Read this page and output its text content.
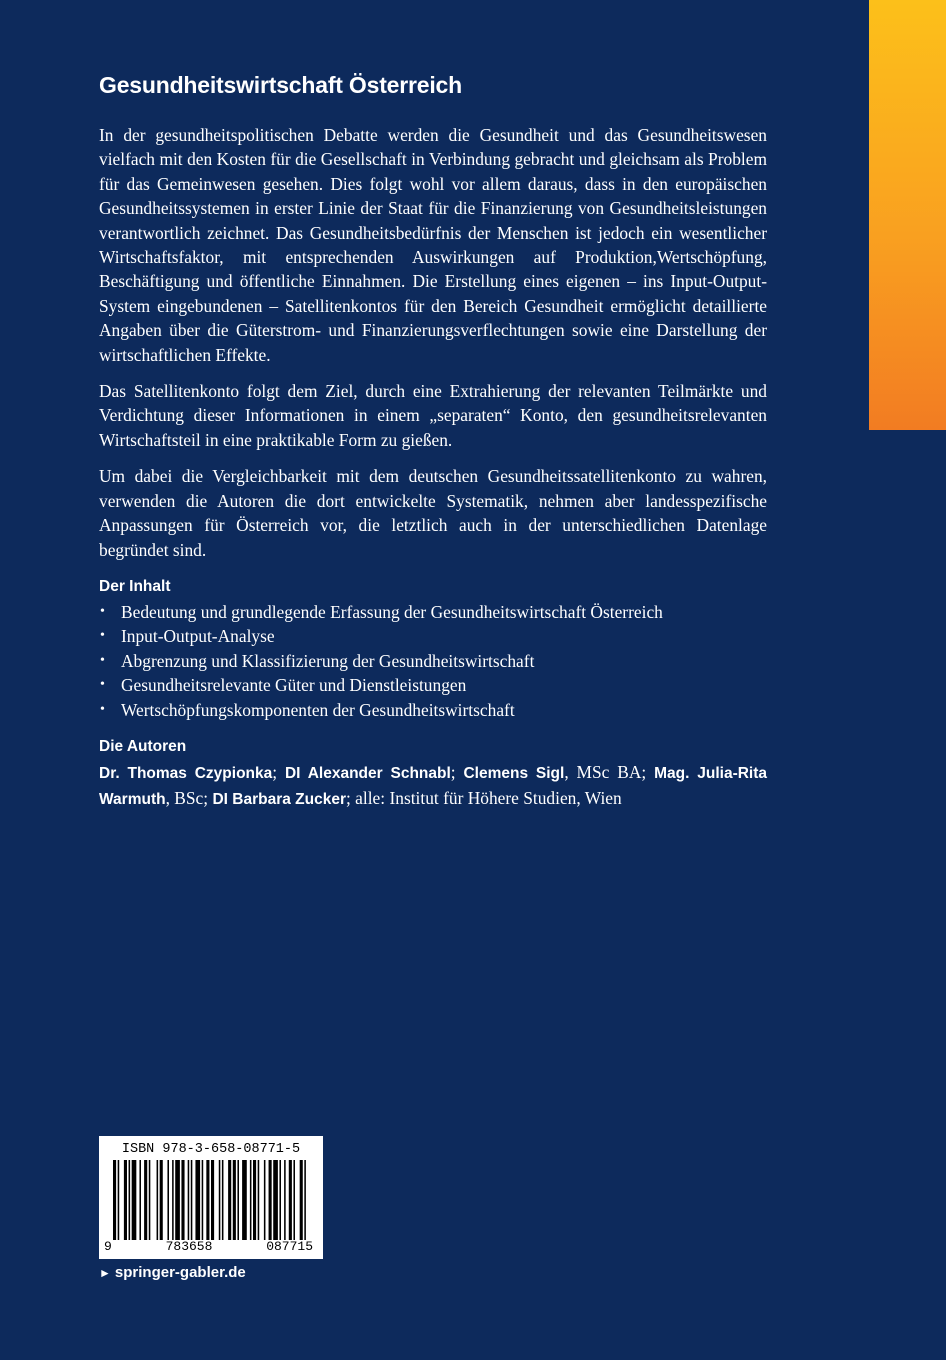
Gesundheitswirtschaft Österreich

In der gesundheitspolitischen Debatte werden die Gesundheit und das Gesundheitswesen vielfach mit den Kosten für die Gesellschaft in Verbindung gebracht und gleichsam als Problem für das Gemeinwesen gesehen. Dies folgt wohl vor allem daraus, dass in den europäischen Gesundheitssystemen in erster Linie der Staat für die Finanzierung von Gesundheitsleistungen verantwortlich zeichnet. Das Gesundheitsbedürfnis der Menschen ist jedoch ein wesentlicher Wirtschaftsfaktor, mit entsprechenden Auswirkungen auf Produktion,Wertschöpfung, Beschäftigung und öffentliche Einnahmen. Die Erstellung eines eigenen – ins Input-Output-System eingebundenen – Satellitenkontos für den Bereich Gesundheit ermöglicht detaillierte Angaben über die Güterstrom- und Finanzierungsverflechtungen sowie eine Darstellung der wirtschaftlichen Effekte.

Das Satellitenkonto folgt dem Ziel, durch eine Extrahierung der relevanten Teilmärkte und Verdichtung dieser Informationen in einem „separaten“ Konto, den gesundheitsrelevanten Wirtschaftsteil in eine praktikable Form zu gießen.

Um dabei die Vergleichbarkeit mit dem deutschen Gesundheitssatellitenkonto zu wahren, verwenden die Autoren die dort entwickelte Systematik, nehmen aber landesspezifische Anpassungen für Österreich vor, die letztlich auch in der unterschiedlichen Datenlage begründet sind.

Der Inhalt
• Bedeutung und grundlegende Erfassung der Gesundheitswirtschaft Österreich
• Input-Output-Analyse
• Abgrenzung und Klassifizierung der Gesundheitswirtschaft
• Gesundheitsrelevante Güter und Dienstleistungen
• Wertschöpfungskomponenten der Gesundheitswirtschaft
Die Autoren

Dr. Thomas Czypionka; DI Alexander Schnabl; Clemens Sigl, MSc BA; Mag. Julia-Rita Warmuth, BSc; DI Barbara Zucker; alle: Institut für Höhere Studien, Wien

ISBN 978-3-658-08771-5
9	783658	087715
► springer-gabler.de
